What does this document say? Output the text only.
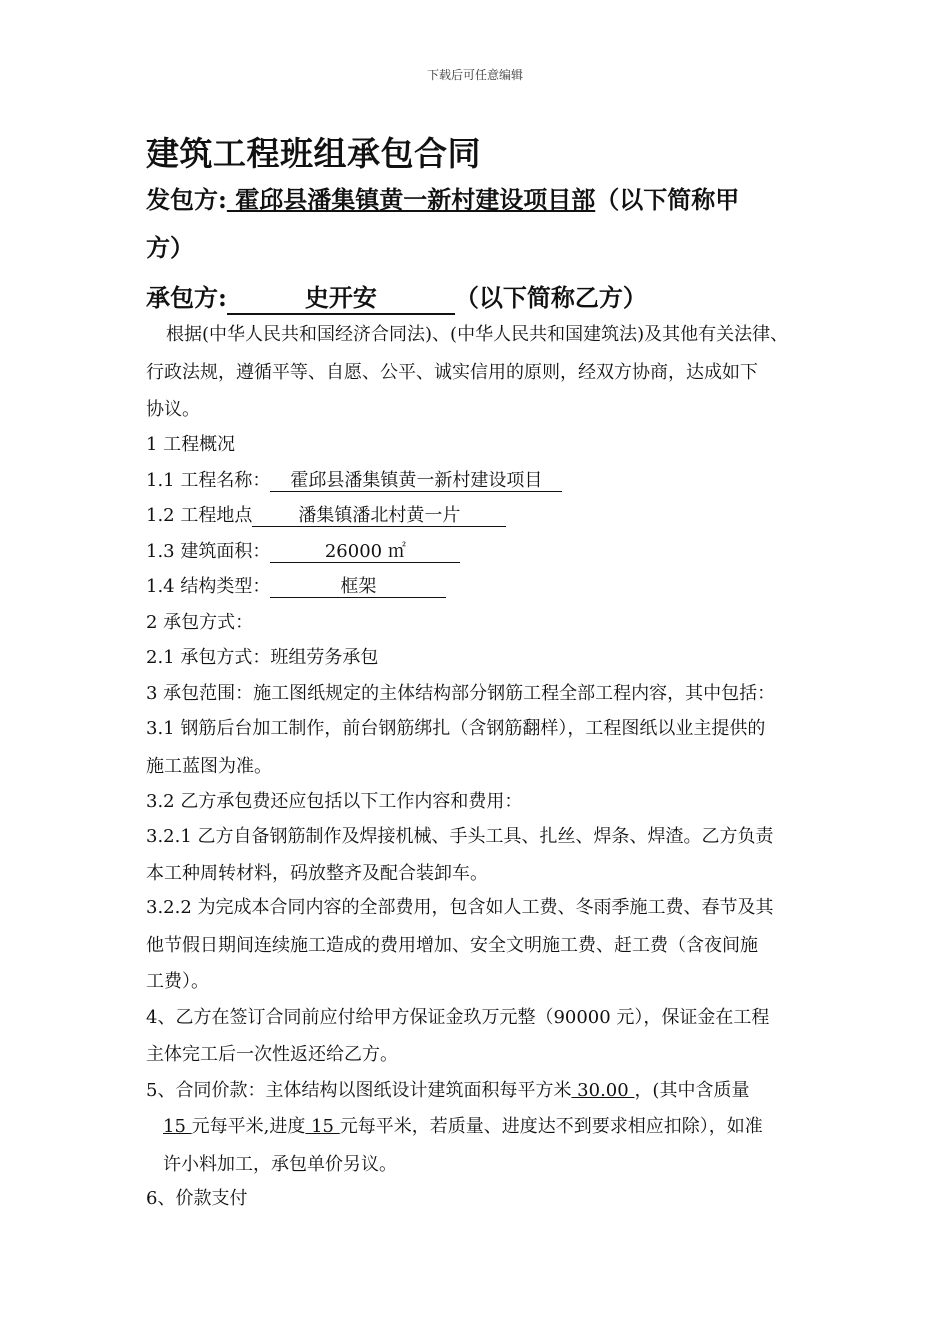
下载后可任意编辑
建筑工程班组承包合同
发包方: 霍邱县潘集镇黄一新村建设项目部（以下简称甲
方）
承包方:	史开安	（以下简称乙方）
根据(中华人民共和国经济合同法)、(中华人民共和国建筑法)及其他有关法律、
行政法规，遵循平等、自愿、公平、诚实信用的原则，经双方协商，达成如下
协议。
1 工程概况
1.1 工程名称： 霍邱县潘集镇黄一新村建设项目
1.2 工程地点	潘集镇潘北村黄一片
1.3 建筑面积：	26000 ㎡
1.4 结构类型：	框架
2 承包方式：
2.1 承包方式：班组劳务承包
3 承包范围：施工图纸规定的主体结构部分钢筋工程全部工程内容，其中包括：
3.1 钢筋后台加工制作，前台钢筋绑扎（含钢筋翻样），工程图纸以业主提供的
施工蓝图为准。
3.2 乙方承包费还应包括以下工作内容和费用：
3.2.1 乙方自备钢筋制作及焊接机械、手头工具、扎丝、焊条、焊渣。乙方负责
本工种周转材料，码放整齐及配合装卸车。
3.2.2 为完成本合同内容的全部费用，包含如人工费、冬雨季施工费、春节及其
他节假日期间连续施工造成的费用增加、安全文明施工费、赶工费（含夜间施
工费）。
4、乙方在签订合同前应付给甲方保证金玖万元整（90000 元），保证金在工程
主体完工后一次性返还给乙方。
5、合同价款：主体结构以图纸设计建筑面积每平方米 30.00 ，(其中含质量
15 元每平米,进度 15 元每平米，若质量、进度达不到要求相应扣除），如准
许小料加工，承包单价另议。
6、价款支付
